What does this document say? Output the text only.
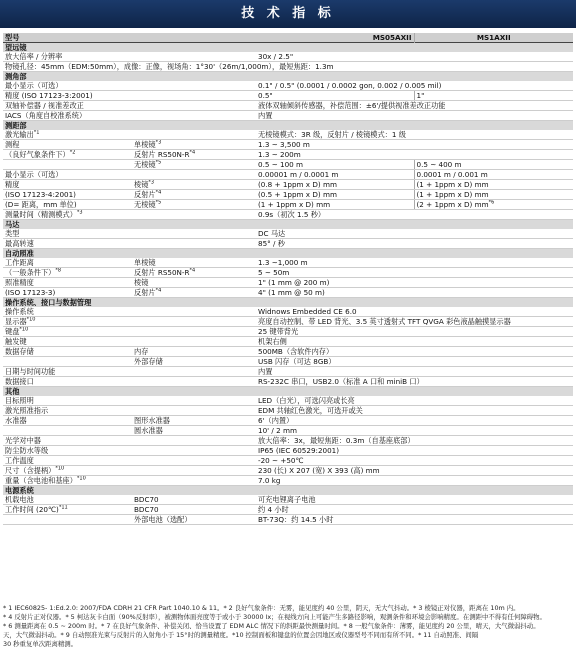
技 术 指 标
型号		MS05AXII	MS1AXII
望远镜			
放大倍率 / 分辨率		30x / 2.5"	
物镜孔径：45mm（EDM:50mm），成像：正像，视场角：1°30'（26m/1,000m），最短焦距：1.3m			
测角部			
最小显示（可选）		0.1" / 0.5" (0.0001 / 0.0002 gon, 0.002 / 0.005 mil)	
精度 (ISO 17123-3:2001)		0.5"	1"
双轴补偿器 / 视准差改正		液体双轴倾斜传感器，补偿范围：±6'/提供视准差改正功能	
IACS（角度自校准系统）		内置	
测距部			
激光输出$^{*1}$		无棱镜模式：3R 级，反射片 / 棱镜模式：1 级	
测程	单棱镜$^{*3}$	1.3 ~ 3,500 m	
（良好气象条件下）$^{*2}$	反射片 $RS50N-R^{*4}$	1.3 ~ 200m	
	无棱镜$^{*5}$	0.5 ~ 100 m	0.5 ~ 400 m
最小显示（可选）		0.00001 m / 0.0001 m	0.0001 m / 0.001 m
精度	棱镜$^{*3}$	(0.8 + 1ppm x D) mm	(1 + 1ppm x D) mm
(ISO 17123-4:2001)	反射片$^{*4}$	(0.5 + 1ppm x D) mm	(1 + 1ppm x D) mm
(D= 距离，mm 单位)	无棱镜$^{*5}$	(1 + 1ppm x D) mm	(2 + 1ppm x D) $mm^{*6}$
测量时间（精测模式）$^{*3}$		0.9s（初次 1.5 秒）	
马达			
类型		DC 马达	
最高转速		85° / 秒	
自动照准			
工作距离	单棱镜	1.3 ~1,000 m	
（一般条件下）$^{*8}$	反射片 $RS50N-R^{*4}$	5 ~ 50m	
照准精度	棱镜	1" (1 mm @ 200 m)	
(ISO 17123-3)	反射片$^{*4}$	4" (1 mm @ 50 m)	
操作系统、接口与数据管理			
操作系统		Widnows Embedded CE 6.0	
显示器$^{*10}$		亮度自动控制、带 LED 背光、3.5 英寸透射式 TFT QVGA 彩色液晶触摸显示器	
键盘$^{*10}$		25 键带背光	
触发键		机架右侧	
数据存储	内存	500MB（含软件内存）	
	外部存储	USB 闪存（可达 8GB）	
日期与时间功能		内置	
数据接口		RS-232C 串口，USB2.0（标准 A 口和 miniB 口）	
其他			
目标照明		LED（白光），可选闪亮或长亮	
激光照准指示		EDM 共轴红色激光，可选开或关	
水准器	图形水准器	6'（内置）	
	圆水准器	10' / 2 mm	
光学对中器		放大倍率：3x，最短焦距：0.3m（自基座底部）	
防尘防水等级		IP65 (IEC 60529:2001)	
工作温度		-20 ~ +50℃	
尺寸（含提柄）$^{*10}$		230 (长) X 207 (宽) X 393 (高) mm	
重量（含电池和基座）$^{*10}$		7.0 kg	
电源系统			
机载电池	BDC70	可充电锂离子电池	
工作时间 (20℃)$^{*11}$	BDC70	约 4 小时	
	外部电池（选配）	BT-73Q：约 14.5 小时	
* 1 IEC60825- 1:Ed.2.0: 2007/FDA CDRH 21 CFR Part 1040.10 & 11。* 2 良好气象条件：无雾，能见度约 40 公里，阴天，无大气抖动。* 3 棱镜正对仪器，距离在 10m 内。
* 4 反射片正对仪器。* 5 柯达灰卡白面（90%反射率），被测物体面亮度等于或小于 30000 lx；在视线方向上可能产生多路径影响，观测条件和环境会影响精度。在测距中不得有任何障碍物。
* 6 测量距离在 0.5 ~ 200m 时。* 7 在良好气象条件、补偿关闭、恰当设置了 EDM ALC 情况下的斜距最快测量时间。* 8 一般气象条件：薄雾，能见度约 20 公里，晴天，大气微弱抖动。
天，大气微弱抖动。* 9 自动照准光束与反射片的入射角小于 15°时的测量精度。*10 控制面板和键盘的位置会因地区或仪器型号不同而有所不同。* 11 自动照准、间隔
30 秒重复单次距离精测。
